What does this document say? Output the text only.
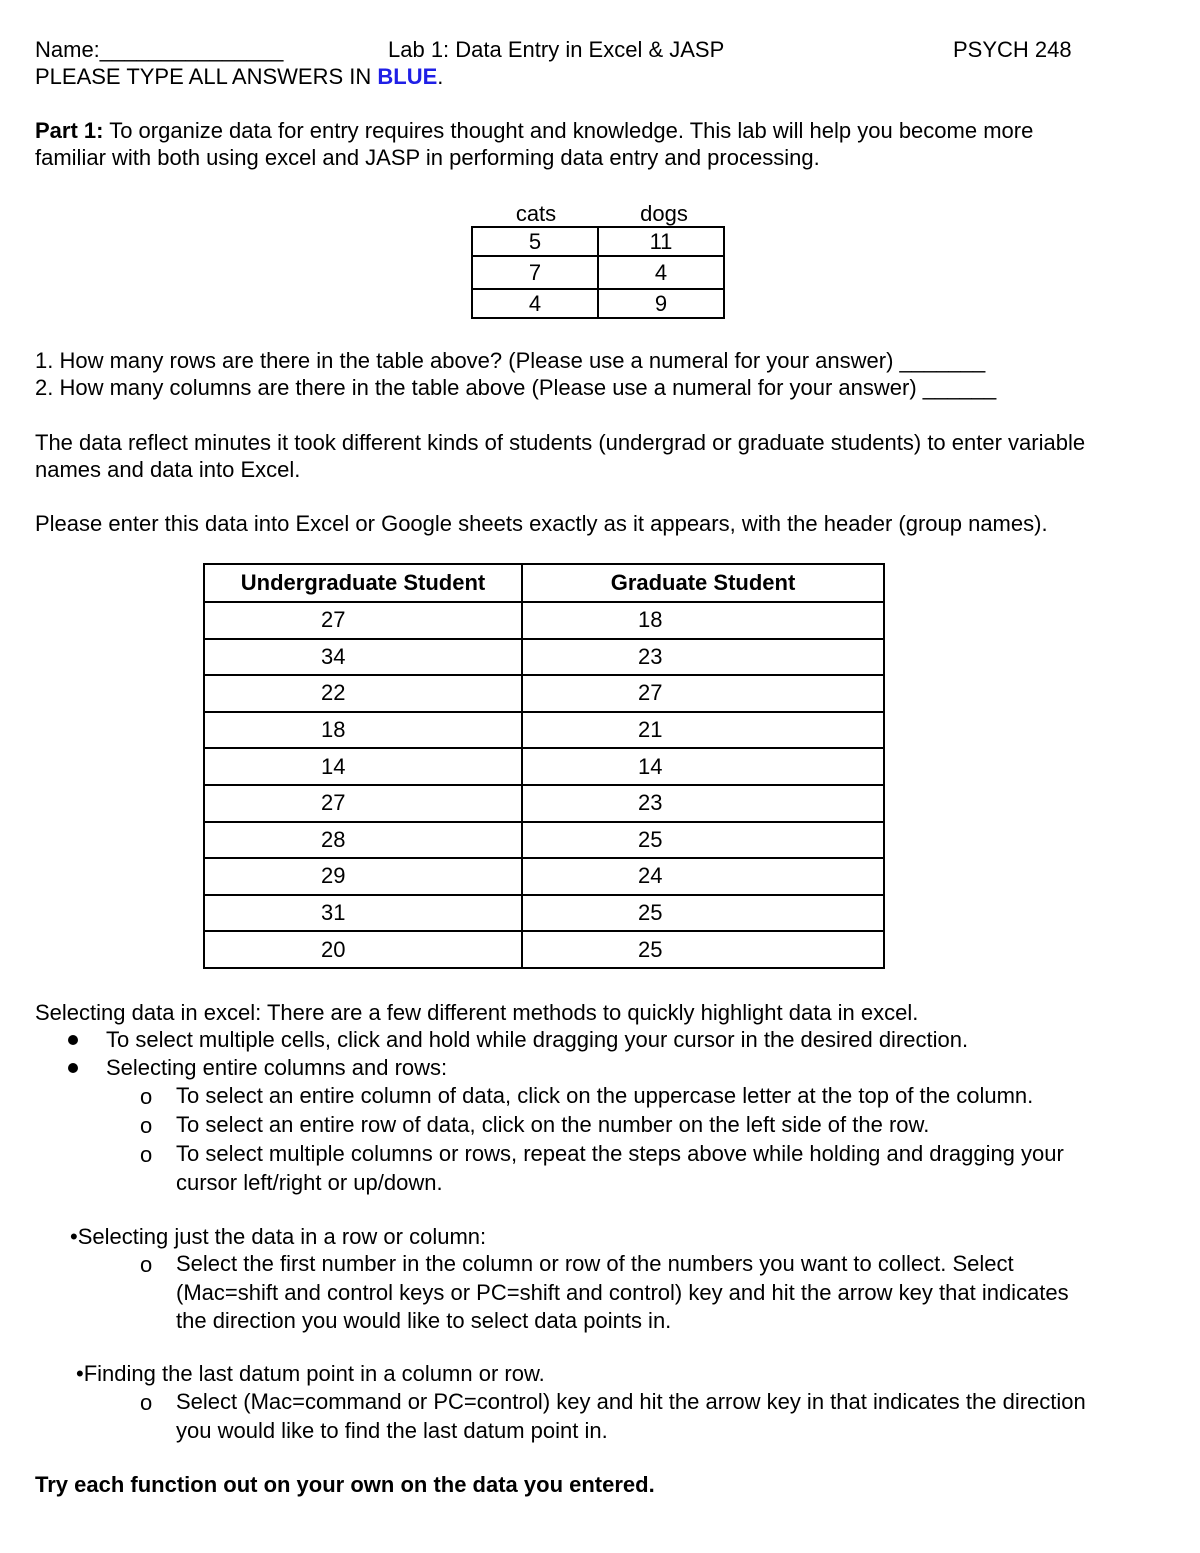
Name:_______________	Lab 1: Data Entry in Excel & JASP	PSYCH 248
PLEASE TYPE ALL ANSWERS IN BLUE.
Part 1: To organize data for entry requires thought and knowledge. This lab will help you become more
familiar with both using excel and JASP in performing data entry and processing.
cats	dogs
5	11
7	4
4	9
1. How many rows are there in the table above? (Please use a numeral for your answer) _______
2. How many columns are there in the table above (Please use a numeral for your answer) ______
The data reflect minutes it took different kinds of students (undergrad or graduate students) to enter variable
names and data into Excel.
Please enter this data into Excel or Google sheets exactly as it appears, with the header (group names).
Undergraduate Student	Graduate Student
27	18
34	23
22	27
18	21
14	14
27	23
28	25
29	24
31	25
20	25
Selecting data in excel: There are a few different methods to quickly highlight data in excel.
To select multiple cells, click and hold while dragging your cursor in the desired direction.
Selecting entire columns and rows:
o To select an entire column of data, click on the uppercase letter at the top of the column.
o To select an entire row of data, click on the number on the left side of the row.
o To select multiple columns or rows, repeat the steps above while holding and dragging your
cursor left/right or up/down.
•Selecting just the data in a row or column:
o Select the first number in the column or row of the numbers you want to collect. Select
(Mac=shift and control keys or PC=shift and control) key and hit the arrow key that indicates
the direction you would like to select data points in.
•Finding the last datum point in a column or row.
o Select (Mac=command or PC=control) key and hit the arrow key in that indicates the direction
you would like to find the last datum point in.
Try each function out on your own on the data you entered.
